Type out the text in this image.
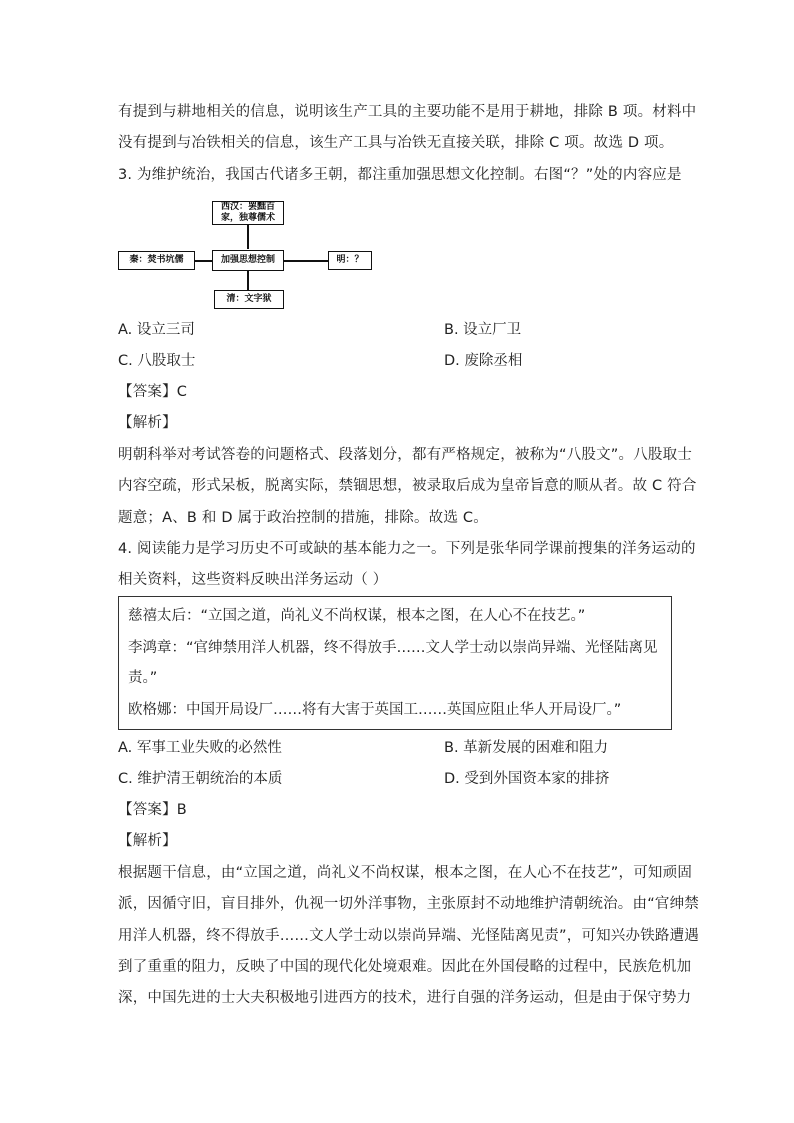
有提到与耕地相关的信息，说明该生产工具的主要功能不是用于耕地，排除 B 项。材料中
没有提到与冶铁相关的信息，该生产工具与冶铁无直接关联，排除 C 项。故选 D 项。
3. 为维护统治，我国古代诸多王朝，都注重加强思想文化控制。右图“？”处的内容应是
西汉：罢黜百家，独尊儒术
秦：焚书坑儒	加强思想控制	明：？
清：文字狱
A. 设立三司	B. 设立厂卫
C. 八股取士	D. 废除丞相
【答案】C
【解析】
明朝科举对考试答卷的问题格式、段落划分，都有严格规定，被称为“八股文”。八股取士
内容空疏，形式呆板，脱离实际，禁锢思想，被录取后成为皇帝旨意的顺从者。故 C 符合
题意；A、B 和 D 属于政治控制的措施，排除。故选 C。
4. 阅读能力是学习历史不可或缺的基本能力之一。下列是张华同学课前搜集的洋务运动的
相关资料，这些资料反映出洋务运动（ ）
慈禧太后：“立国之道，尚礼义不尚权谋，根本之图，在人心不在技艺。”
李鸿章：“官绅禁用洋人机器，终不得放手……文人学士动以崇尚异端、光怪陆离见
责。”
欧格娜：中国开局设厂……将有大害于英国工……英国应阻止华人开局设厂。”
A. 军事工业失败的必然性	B. 革新发展的困难和阻力
C. 维护清王朝统治的本质	D. 受到外国资本家的排挤
【答案】B
【解析】
根据题干信息，由“立国之道，尚礼义不尚权谋，根本之图，在人心不在技艺”，可知顽固
派，因循守旧，盲目排外，仇视一切外洋事物，主张原封不动地维护清朝统治。由“官绅禁
用洋人机器，终不得放手……文人学士动以崇尚异端、光怪陆离见责”，可知兴办铁路遭遇
到了重重的阻力，反映了中国的现代化处境艰难。因此在外国侵略的过程中，民族危机加
深，中国先进的士大夫积极地引进西方的技术，进行自强的洋务运动，但是由于保守势力
